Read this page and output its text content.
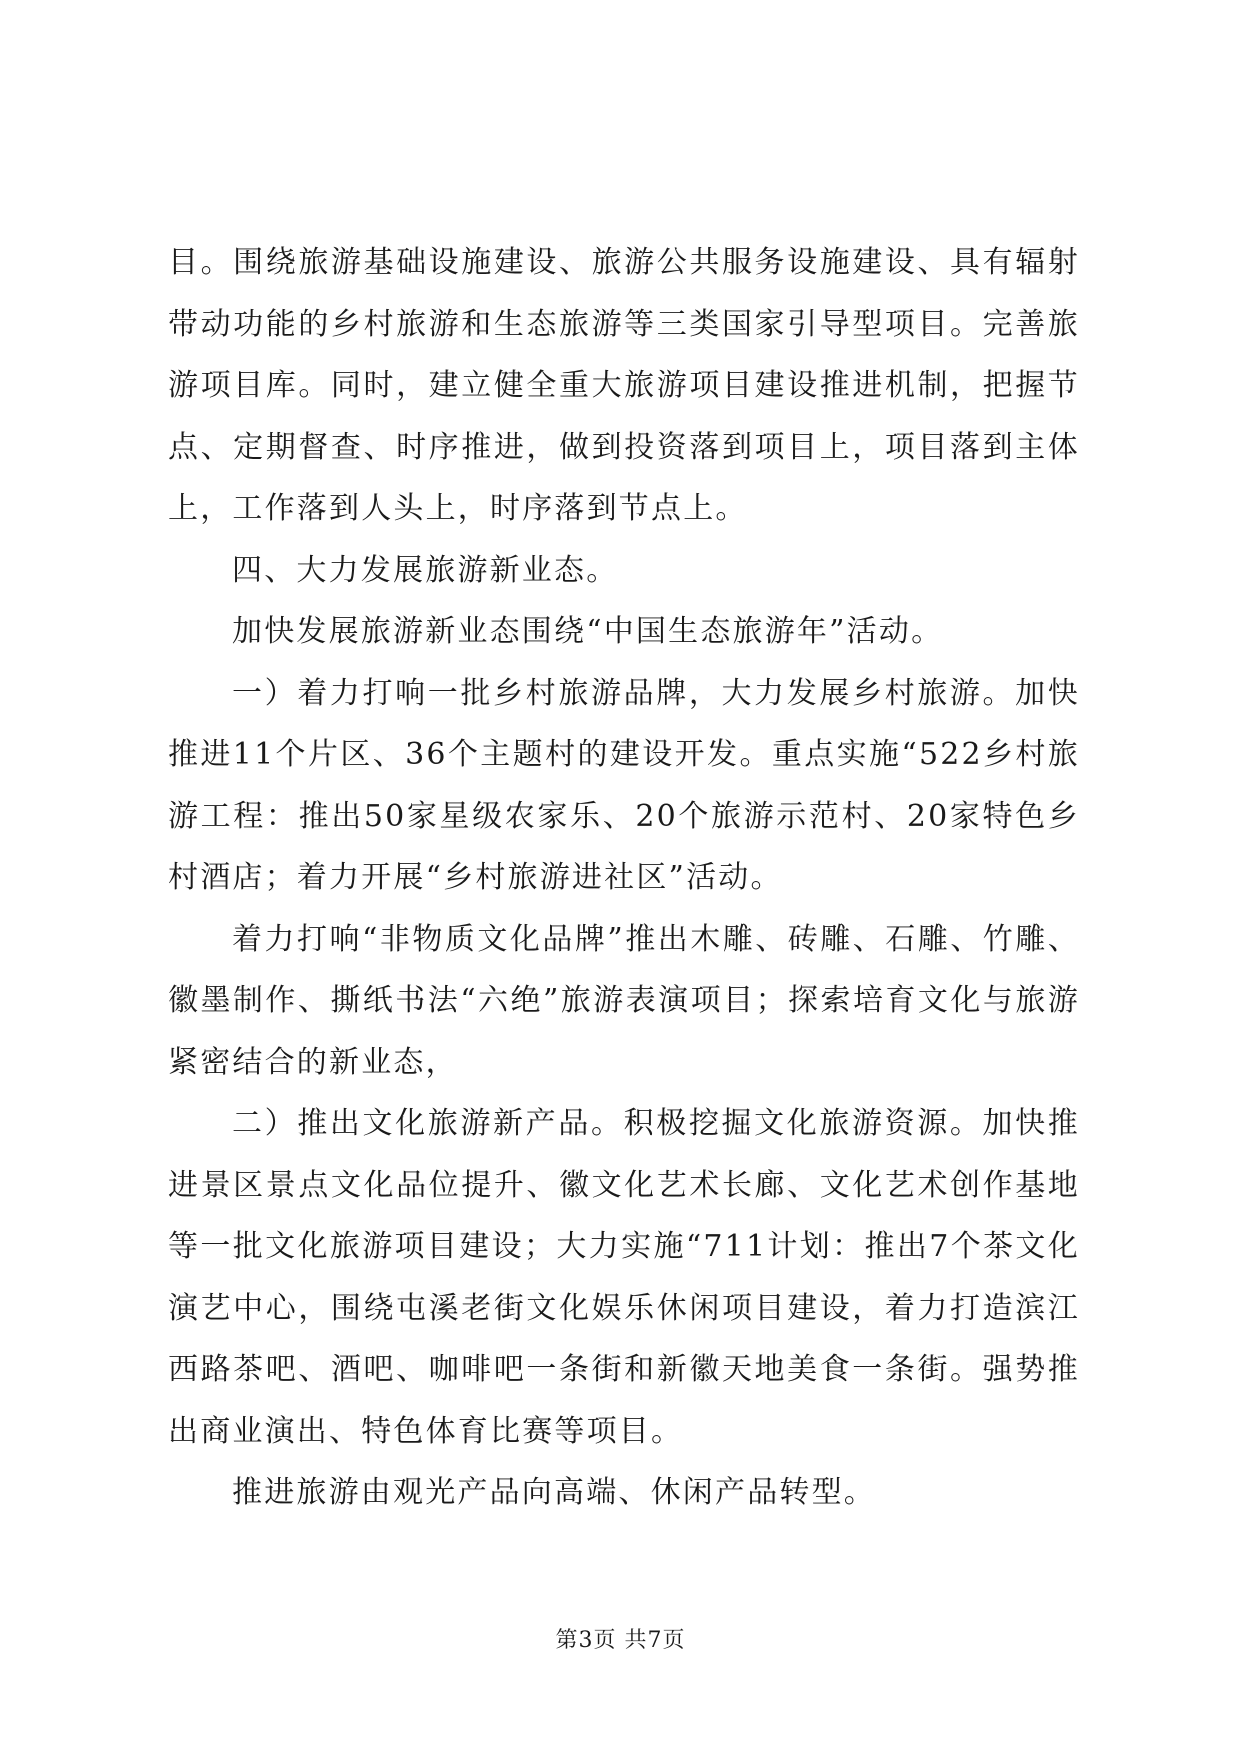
目。围绕旅游基础设施建设、旅游公共服务设施建设、具有辐射带动功能的乡村旅游和生态旅游等三类国家引导型项目。完善旅游项目库。同时，建立健全重大旅游项目建设推进机制，把握节点、定期督查、时序推进，做到投资落到项目上，项目落到主体上，工作落到人头上，时序落到节点上。

四、大力发展旅游新业态。

加快发展旅游新业态围绕“中国生态旅游年”活动。

一）着力打响一批乡村旅游品牌，大力发展乡村旅游。加快推进11个片区、36个主题村的建设开发。重点实施“522乡村旅游工程：推出50家星级农家乐、20个旅游示范村、20家特色乡村酒店；着力开展“乡村旅游进社区”活动。

着力打响“非物质文化品牌”推出木雕、砖雕、石雕、竹雕、徽墨制作、撕纸书法“六绝”旅游表演项目；探索培育文化与旅游紧密结合的新业态，

二）推出文化旅游新产品。积极挖掘文化旅游资源。加快推进景区景点文化品位提升、徽文化艺术长廊、文化艺术创作基地等一批文化旅游项目建设；大力实施“711计划：推出7个茶文化演艺中心，围绕屯溪老街文化娱乐休闲项目建设，着力打造滨江西路茶吧、酒吧、咖啡吧一条街和新徽天地美食一条街。强势推出商业演出、特色体育比赛等项目。

推进旅游由观光产品向高端、休闲产品转型。

第3页 共7页
